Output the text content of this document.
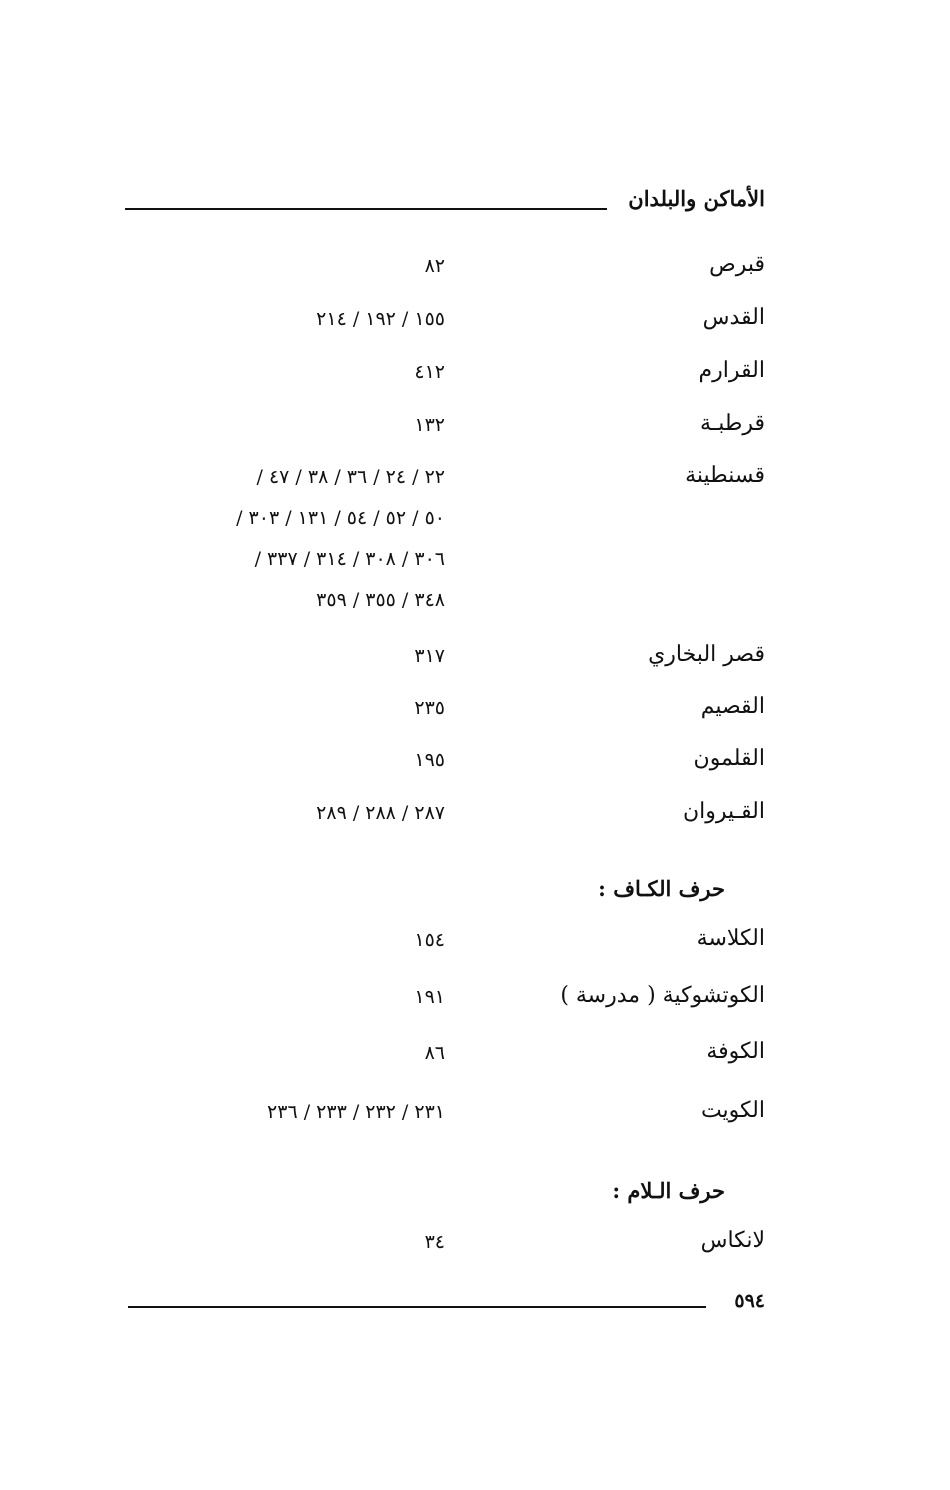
الأماكن والبلدان
قبرص
٨٢
القدس
١٥٥ / ١٩٢ / ٢١٤
القرارم
٤١٢
قرطبـة
١٣٢
قسنطينة
٢٢ / ٢٤ / ٣٦ / ٣٨ / ٤٧ /
٥٠ / ٥٢ / ٥٤ / ١٣١ / ٣٠٣ /
٣٠٦ / ٣٠٨ / ٣١٤ / ٣٣٧ /
٣٤٨ / ٣٥٥ / ٣٥٩
قصر البخاري
٣١٧
القصيم
٢٣٥
القلمون
١٩٥
القـيروان
٢٨٧ / ٢٨٨ / ٢٨٩
حرف الكـاف :
الكلاسة
١٥٤
الكوتشوكية ( مدرسة )
١٩١
الكوفة
٨٦
الكويت
٢٣١ / ٢٣٢ / ٢٣٣ / ٢٣٦
حرف الـلام :
لانكاس
٣٤
٥٩٤
